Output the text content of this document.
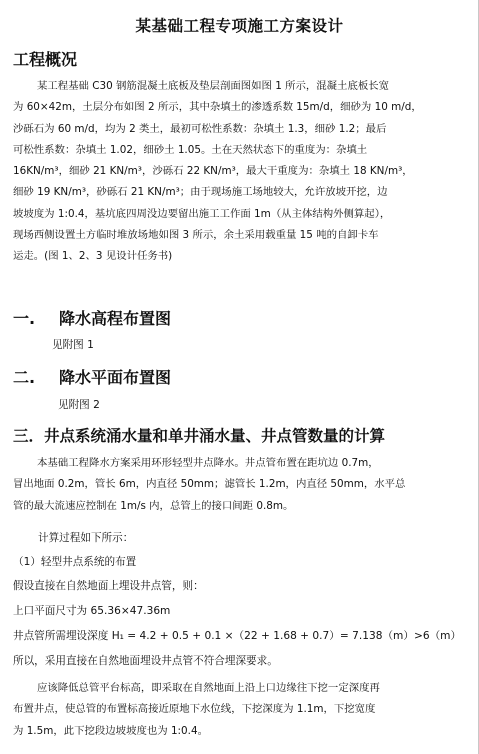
某基础工程专项施工方案设计
工程概况
某工程基础 C30 钢筋混凝土底板及垫层剖面图如图 1 所示，混凝土底板长宽
为 60×42m，土层分布如图 2 所示，其中杂填土的渗透系数 15m/d，细砂为 10 m/d，
沙砾石为 60 m/d，均为 2 类土，最初可松性系数：杂填土 1.3，细砂 1.2；最后
可松性系数：杂填土 1.02，细砂土 1.05。土在天然状态下的重度为：杂填土
16KN/m³，细砂 21 KN/m³，沙砾石 22 KN/m³，最大干重度为：杂填土 18 KN/m³，
细砂 19 KN/m³，砂砾石 21 KN/m³；由于现场施工场地较大，允许放坡开挖，边
坡坡度为 1:0.4，基坑底四周没边要留出施工工作面 1m（从主体结构外侧算起），
现场西侧设置土方临时堆放场地如图 3 所示，余土采用载重量 15 吨的自卸卡车
运走。(图 1、2、3 见设计任务书)
一. 降水高程布置图
见附图 1
二. 降水平面布置图
见附图 2
三．井点系统涌水量和单井涌水量、井点管数量的计算
本基础工程降水方案采用环形轻型井点降水。井点管布置在距坑边 0.7m，
冒出地面 0.2m，管长 6m，内直径 50mm；滤管长 1.2m，内直径 50mm，水平总
管的最大流速应控制在 1m/s 内，总管上的接口间距 0.8m。
计算过程如下所示：
（1）轻型井点系统的布置
假设直接在自然地面上埋设井点管，则：
上口平面尺寸为 65.36×47.36m
井点管所需埋设深度 H₁ = 4.2 + 0.5 + 0.1 ×（22 + 1.68 + 0.7）= 7.138（m）>6（m）
所以，采用直接在自然地面埋设井点管不符合埋深要求。
应该降低总管平台标高，即采取在自然地面上沿上口边缘往下挖一定深度再
布置井点，使总管的布置标高接近原地下水位线，下挖深度为 1.1m，下挖宽度
为 1.5m，此下挖段边坡坡度也为 1:0.4。
